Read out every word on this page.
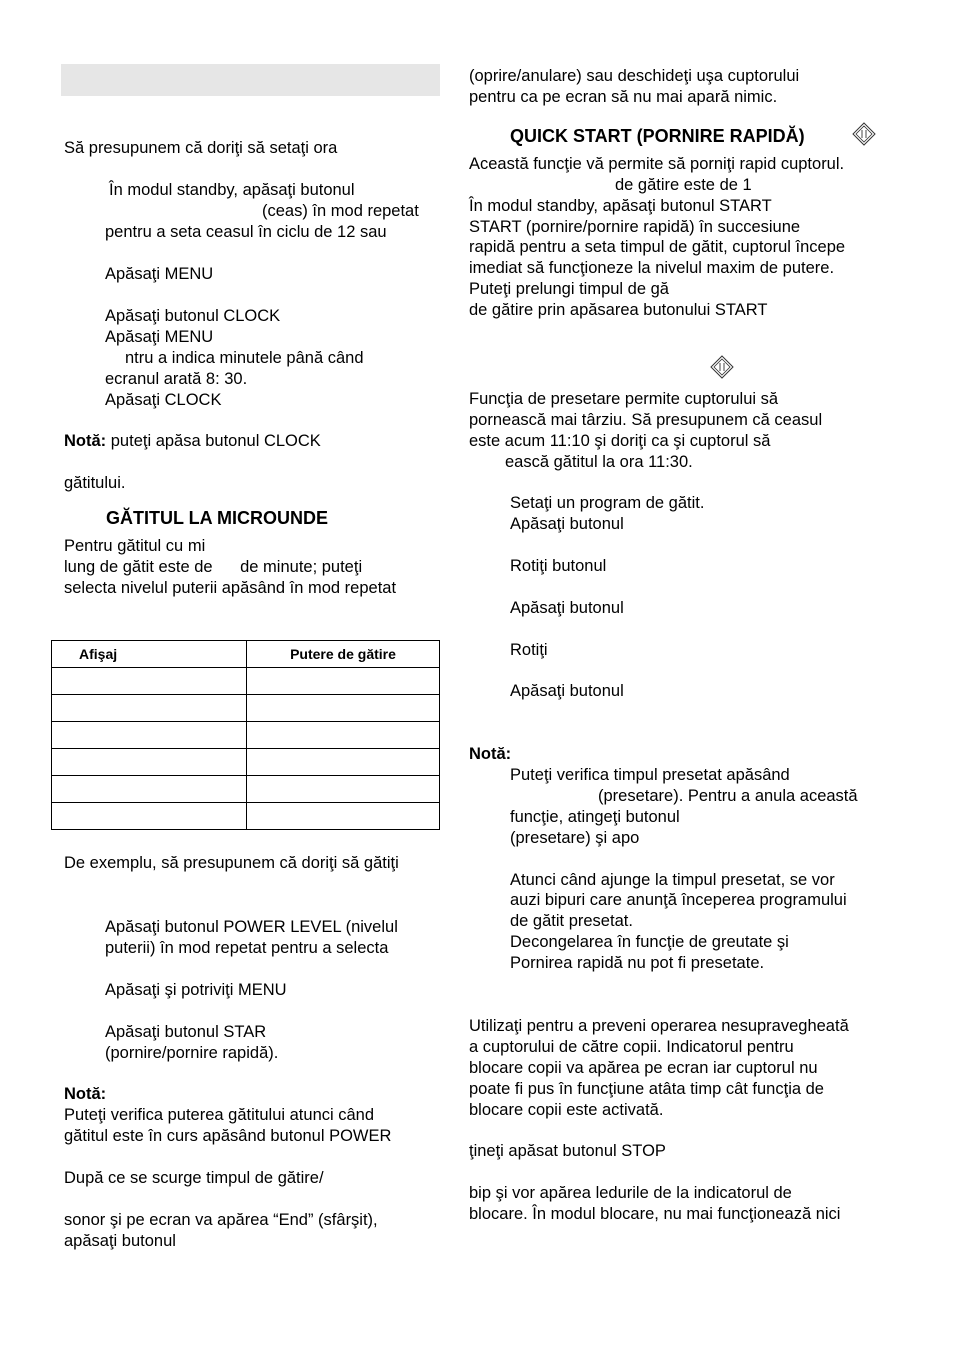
Să presupunem că doriţi să setaţi ora
În modul standby, apăsaţi butonul
(ceas) în mod repetat
pentru a seta ceasul în ciclu de 12 sau
Apăsaţi MENU
Apăsaţi butonul CLOCK
Apăsaţi MENU
ntru a indica minutele până când
ecranul arată 8: 30.
Apăsaţi CLOCK
Notă: puteţi apăsa butonul CLOCK
gătitului.
GĂTITUL LA MICROUNDE
Pentru gătitul cu mi
lung de gătit este de      de minute; puteţi
selecta nivelul puterii apăsând în mod repetat
Afişaj	Putere de gătire

De exemplu, să presupunem că doriţi să gătiţi
Apăsaţi butonul POWER LEVEL (nivelul
puterii) în mod repetat pentru a selecta
Apăsaţi şi potriviţi MENU
Apăsaţi butonul STAR
(pornire/pornire rapidă).
Notă:
Puteţi verifica puterea gătitului atunci când
gătitul este în curs apăsând butonul POWER
După ce se scurge timpul de gătire/
sonor şi pe ecran va apărea “End” (sfârşit),
apăsaţi butonul
(oprire/anulare) sau deschideţi uşa cuptorului
pentru ca pe ecran să nu mai apară nimic.
QUICK START (PORNIRE RAPIDĂ)
Această funcţie vă permite să porniţi rapid cuptorul.
de gătire este de 1
În modul standby, apăsaţi butonul START
START (pornire/pornire rapidă) în succesiune
rapidă pentru a seta timpul de gătit, cuptorul începe
imediat să funcţioneze la nivelul maxim de putere.
Puteţi prelungi timpul de gă
de gătire prin apăsarea butonului START
Funcţia de presetare permite cuptorului să
pornească mai târziu. Să presupunem că ceasul
este acum 11:10 şi doriţi ca şi cuptorul să
ească gătitul la ora 11:30.
Setaţi un program de gătit.
Apăsaţi butonul
Rotiţi butonul
Apăsaţi butonul
Rotiţi
Apăsaţi butonul
Notă:
Puteţi verifica timpul presetat apăsând
(presetare). Pentru a anula această
funcţie, atingeţi butonul
(presetare) şi apo
Atunci când ajunge la timpul presetat, se vor
auzi bipuri care anunţă începerea programului
de gătit presetat.
Decongelarea în funcţie de greutate şi
Pornirea rapidă nu pot fi presetate.
Utilizaţi pentru a preveni operarea nesupravegheată
a cuptorului de către copii. Indicatorul pentru
blocare copii va apărea pe ecran iar cuptorul nu
poate fi pus în funcţiune atâta timp cât funcţia de
blocare copii este activată.
ţineţi apăsat butonul STOP
bip şi vor apărea ledurile de la indicatorul de
blocare. În modul blocare, nu mai funcţionează nici
